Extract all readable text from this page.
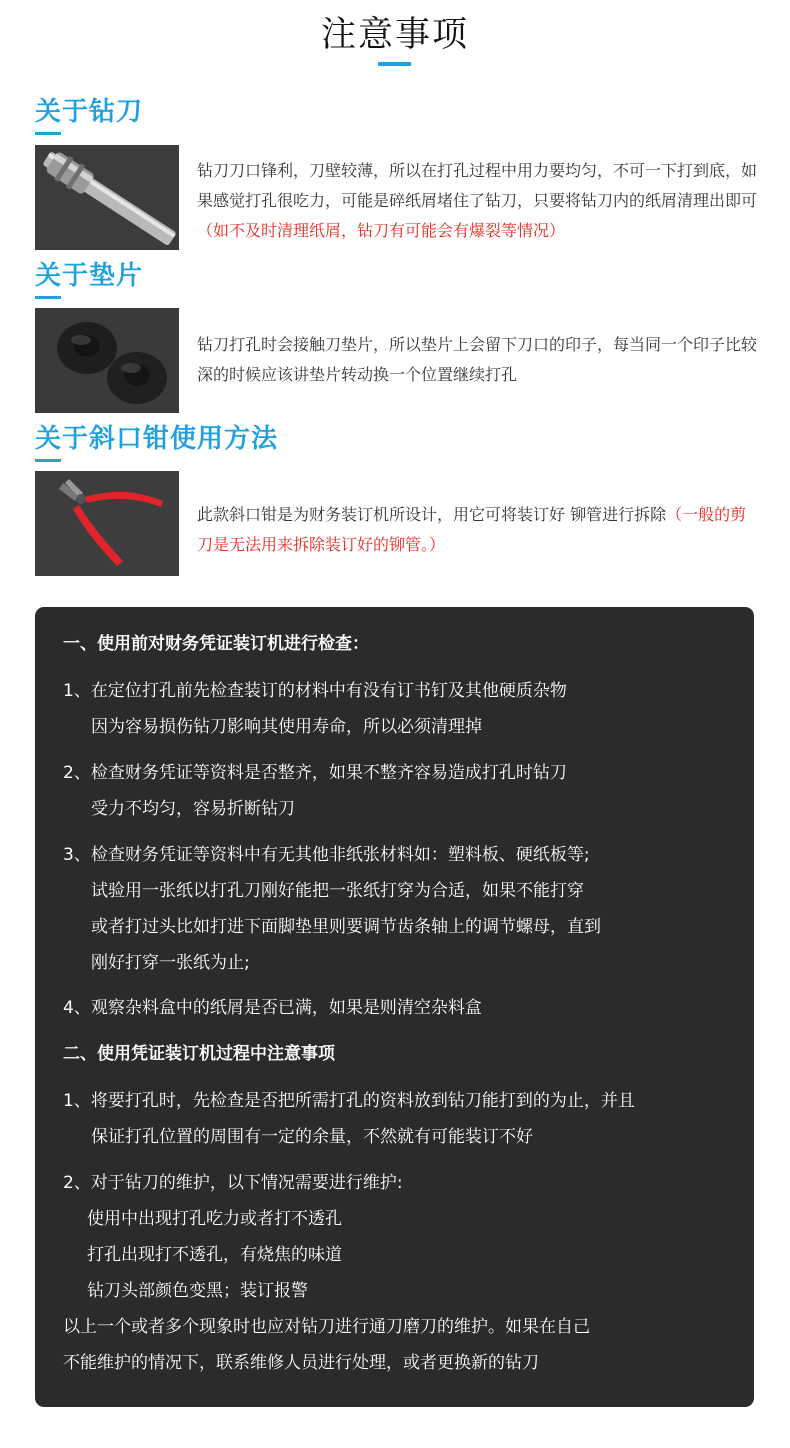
注意事项
关于钻刀
钻刀刀口锋利，刀壁较薄，所以在打孔过程中用力要均匀，不可一下打到底，如果感觉打孔很吃力，可能是碎纸屑堵住了钻刀，只要将钻刀内的纸屑清理出即可（如不及时清理纸屑，钻刀有可能会有爆裂等情况）
关于垫片
钻刀打孔时会接触刀垫片，所以垫片上会留下刀口的印子，每当同一个印子比较深的时候应该讲垫片转动换一个位置继续打孔
关于斜口钳使用方法
此款斜口钳是为财务装订机所设计，用它可将装订好 铆管进行拆除（一般的剪刀是无法用来拆除装订好的铆管。）
一、使用前对财务凭证装订机进行检查：
1、在定位打孔前先检查装订的材料中有没有订书钉及其他硬质杂物
因为容易损伤钻刀影响其使用寿命，所以必须清理掉
2、检查财务凭证等资料是否整齐，如果不整齐容易造成打孔时钻刀
受力不均匀，容易折断钻刀
3、检查财务凭证等资料中有无其他非纸张材料如：塑料板、硬纸板等;
试验用一张纸以打孔刀刚好能把一张纸打穿为合适，如果不能打穿
或者打过头比如打进下面脚垫里则要调节齿条轴上的调节螺母，直到
刚好打穿一张纸为止;
4、观察杂料盒中的纸屑是否已满，如果是则清空杂料盒
二、使用凭证装订机过程中注意事项
1、将要打孔时，先检查是否把所需打孔的资料放到钻刀能打到的为止，并且
保证打孔位置的周围有一定的余量，不然就有可能装订不好
2、对于钻刀的维护，以下情况需要进行维护:
使用中出现打孔吃力或者打不透孔
打孔出现打不透孔，有烧焦的味道
钻刀头部颜色变黑；装订报警
以上一个或者多个现象时也应对钻刀进行通刀磨刀的维护。如果在自己
不能维护的情况下，联系维修人员进行处理，或者更换新的钻刀
